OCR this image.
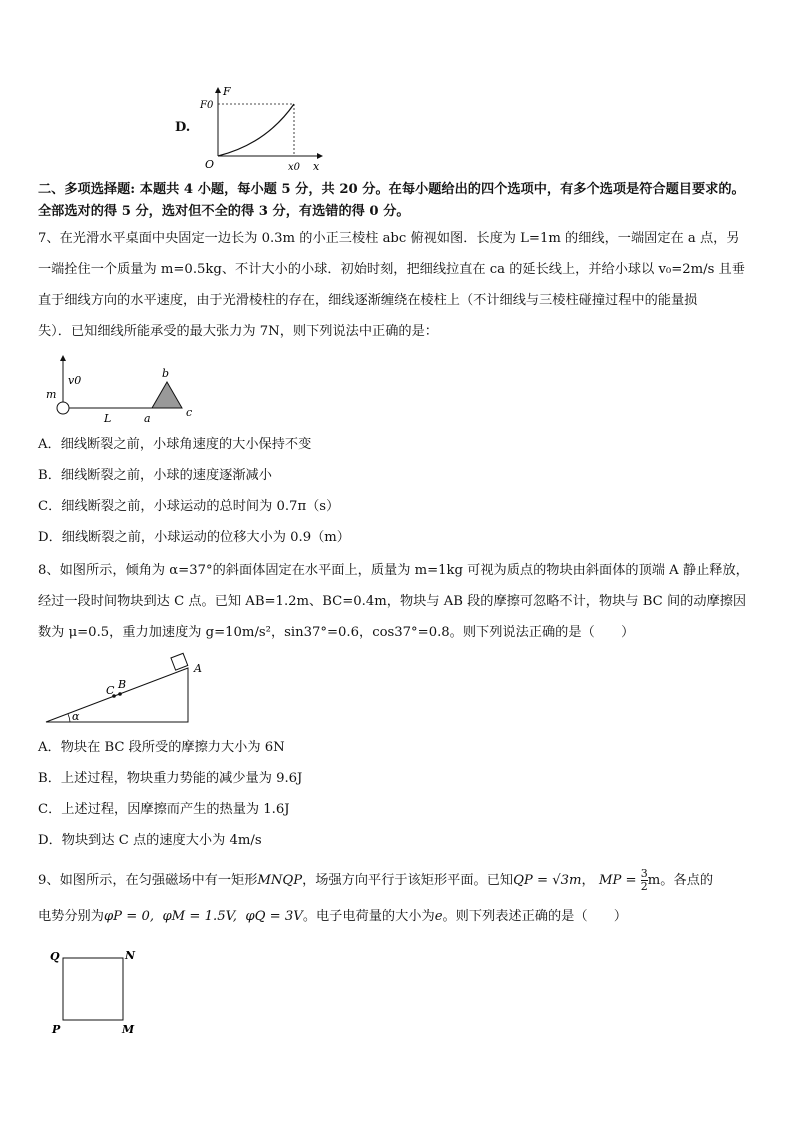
D.
F
x
O
F0
x0
二、多项选择题: 本题共 4 小题，每小题 5 分，共 20 分。在每小题给出的四个选项中，有多个选项是符合题目要求的。
全部选对的得 5 分，选对但不全的得 3 分，有选错的得 0 分。
7、在光滑水平桌面中央固定一边长为 0.3m 的小正三棱柱 abc 俯视如图．长度为 L=1m 的细线，一端固定在 a 点，另
一端拴住一个质量为 m=0.5kg、不计大小的小球．初始时刻，把细线拉直在 ca 的延长线上，并给小球以 v₀=2m/s 且垂
直于细线方向的水平速度，由于光滑棱柱的存在，细线逐渐缠绕在棱柱上（不计细线与三棱柱碰撞过程中的能量损
失）．已知细线所能承受的最大张力为 7N，则下列说法中正确的是：
m
v0
L	a
b
c
A．细线断裂之前，小球角速度的大小保持不变
B．细线断裂之前，小球的速度逐渐减小
C．细线断裂之前，小球运动的总时间为 0.7π（s）
D．细线断裂之前，小球运动的位移大小为 0.9（m）
8、如图所示，倾角为 α=37°的斜面体固定在水平面上，质量为 m=1kg 可视为质点的物块由斜面体的顶端 A 静止释放，
经过一段时间物块到达 C 点。已知 AB=1.2m、BC=0.4m，物块与 AB 段的摩擦可忽略不计，物块与 BC 间的动摩擦因
数为 μ=0.5，重力加速度为 g=10m/s²，sin37°=0.6，cos37°=0.8。则下列说法正确的是（　　）
A
B
C
α
A．物块在 BC 段所受的摩擦力大小为 6N
B．上述过程，物块重力势能的减少量为 9.6J
C．上述过程，因摩擦而产生的热量为 1.6J
D．物块到达 C 点的速度大小为 4m/s
9、如图所示，在匀强磁场中有一矩形MNQP，场强方向平行于该矩形平面。已知QP = √3m， MP = $\frac{3}{2}$ m。各点的
电势分别为φP = 0, φM = 1.5V, φQ = 3V。电子电荷量的大小为e。则下列表述正确的是（　　）
Q	N
P	M
